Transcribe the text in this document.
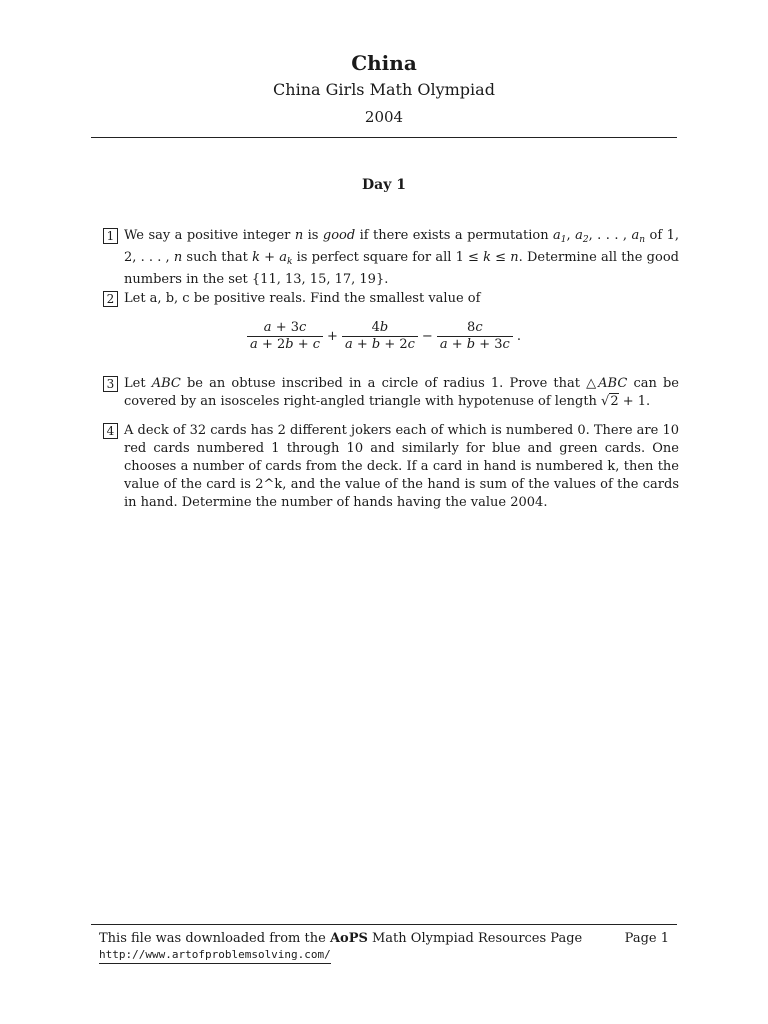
China
China Girls Math Olympiad
2004
Day 1
1 We say a positive integer n is good if there exists a permutation $a_1$, $a_2$, . . . , $a_n$ of 1, 2, . . . , n such that $k + a_k$ is perfect square for all 1 ≤ k ≤ n. Determine all the good numbers in the set {11, 13, 15, 17, 19}.
2 Let a, b, c be positive reals. Find the smallest value of
$\frac{a + 3c}{a + 2b + c} + \frac{4b}{a + b + 2c} - \frac{8c}{a + b + 3c}$ .
3 Let ABC be an obtuse inscribed in a circle of radius 1. Prove that △ABC can be covered by an isosceles right-angled triangle with hypotenuse of length √2 + 1.
4 A deck of 32 cards has 2 different jokers each of which is numbered 0. There are 10 red cards numbered 1 through 10 and similarly for blue and green cards. One chooses a number of cards from the deck. If a card in hand is numbered k, then the value of the card is 2^k, and the value of the hand is sum of the values of the cards in hand. Determine the number of hands having the value 2004.
This file was downloaded from the AoPS Math Olympiad Resources Page
http://www.artofproblemsolving.com/
Page 1
